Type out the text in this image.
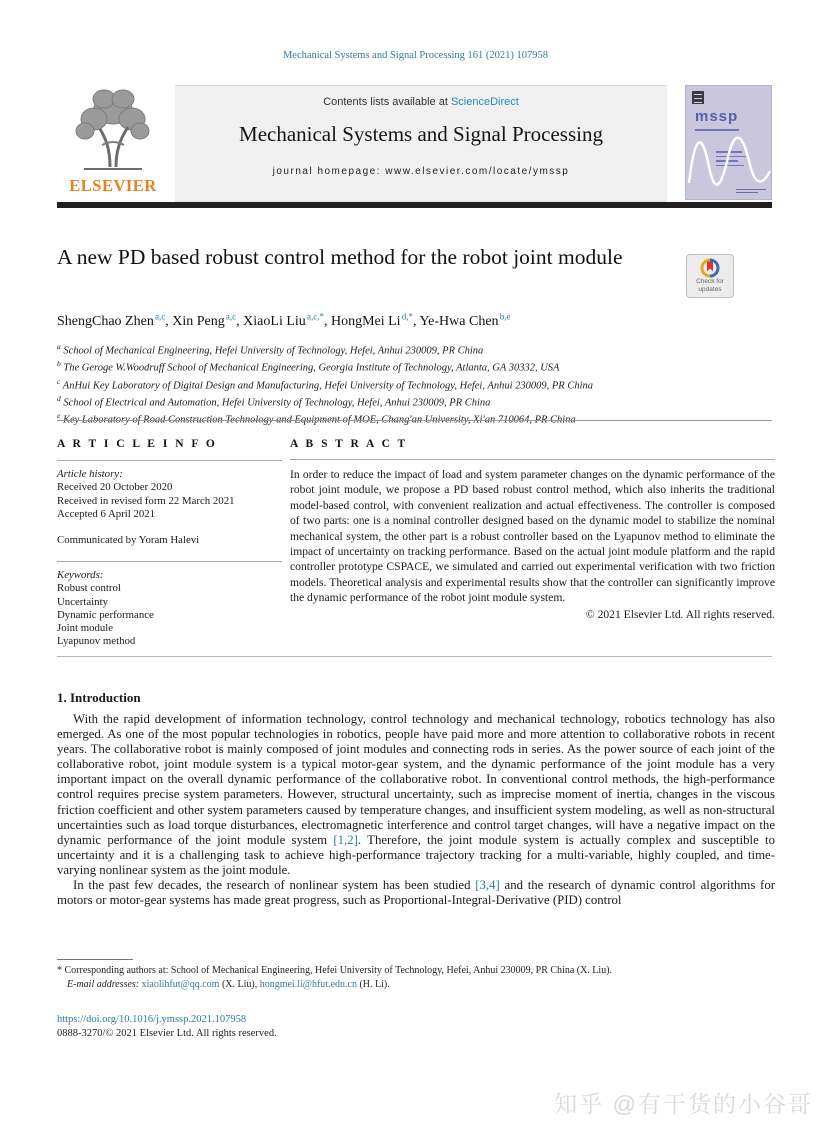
Mechanical Systems and Signal Processing 161 (2021) 107958
ELSEVIER
Contents lists available at ScienceDirect
Mechanical Systems and Signal Processing
journal homepage: www.elsevier.com/locate/ymssp
mssp
A new PD based robust control method for the robot joint module
Check for
updates
ShengChao Zhen $^{a,c}$, Xin Peng $^{a,c}$, XiaoLi Liu $^{a,c,*}$, HongMei Li $^{d,*}$, Ye-Hwa Chen $^{b,e}$
$^a$ School of Mechanical Engineering, Hefei University of Technology, Hefei, Anhui 230009, PR China
$^b$ The Geroge W.Woodruff School of Mechanical Engineering, Georgia Institute of Technology, Atlanta, GA 30332, USA
$^c$ AnHui Key Laboratory of Digital Design and Manufacturing, Hefei University of Technology, Hefei, Anhui 230009, PR China
$^d$ School of Electrical and Automation, Hefei University of Technology, Hefei, Anhui 230009, PR China
$^e$ Key Laboratory of Road Construction Technology and Equipment of MOE, Chang'an University, Xi'an 710064, PR China
A R T I C L E I N F O
Article history:
Received 20 October 2020
Received in revised form 22 March 2021
Accepted 6 April 2021
Communicated by Yoram Halevi
Keywords:
Robust control
Uncertainty
Dynamic performance
Joint module
Lyapunov method
A B S T R A C T
In order to reduce the impact of load and system parameter changes on the dynamic performance of the robot joint module, we propose a PD based robust control method, which also inherits the traditional model-based control, with convenient realization and actual effectiveness. The controller is composed of two parts: one is a nominal controller designed based on the dynamic model to stabilize the nominal mechanical system, the other part is a robust controller based on the Lyapunov method to eliminate the impact of uncertainty on tracking performance. Based on the actual joint module platform and the rapid controller prototype CSPACE, we simulated and carried out experimental verification with two friction models. Theoretical analysis and experimental results show that the controller can significantly improve the dynamic performance of the robot joint module system.
© 2021 Elsevier Ltd. All rights reserved.
1. Introduction

With the rapid development of information technology, control technology and mechanical technology, robotics technology has also emerged. As one of the most popular technologies in robotics, people have paid more and more attention to collaborative robots in recent years. The collaborative robot is mainly composed of joint modules and connecting rods in series. As the power source of each joint of the collaborative robot, joint module system is a typical motor-gear system, and the dynamic performance of the joint module has a very important impact on the overall dynamic performance of the collaborative robot. In conventional control methods, the high-performance control requires precise system parameters. However, structural uncertainty, such as imprecise moment of inertia, changes in the viscous friction coefficient and other system parameters caused by temperature changes, and insufficient system modeling, as well as non-structural uncertainties such as load torque disturbances, electromagnetic interference and control target changes, will have a negative impact on the dynamic performance of the joint module system [1,2]. Therefore, the joint module system is actually complex and susceptible to uncertainty and it is a challenging task to achieve high-performance trajectory tracking for a multi-variable, highly coupled, and time-varying nonlinear system as the joint module.

In the past few decades, the research of nonlinear system has been studied [3,4] and the research of dynamic control algorithms for motors or motor-gear systems has made great progress, such as Proportional-Integral-Derivative (PID) control

* Corresponding authors at: School of Mechanical Engineering, Hefei University of Technology, Hefei, Anhui 230009, PR China (X. Liu).
E-mail addresses: xiaolihfut@qq.com (X. Liu), hongmei.li@hfut.edu.cn (H. Li).
https://doi.org/10.1016/j.ymssp.2021.107958
0888-3270/© 2021 Elsevier Ltd. All rights reserved.
知乎 @有干货的小谷哥
